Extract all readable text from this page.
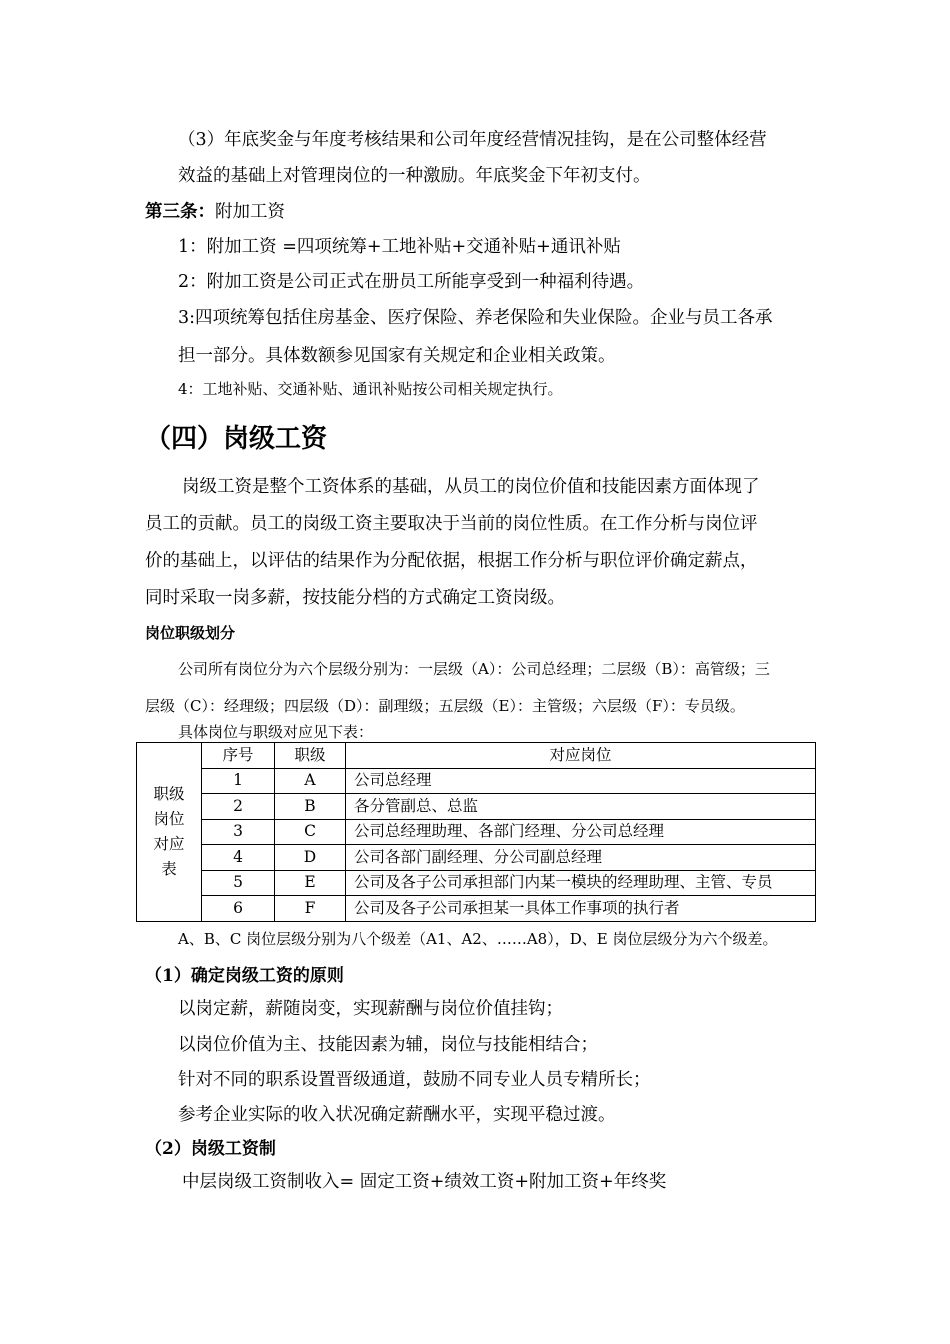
（3）年底奖金与年度考核结果和公司年度经营情况挂钩，是在公司整体经营
效益的基础上对管理岗位的一种激励。年底奖金下年初支付。
第三条：附加工资
1：附加工资 =四项统筹+工地补贴+交通补贴+通讯补贴
2：附加工资是公司正式在册员工所能享受到一种福利待遇。
3:四项统筹包括住房基金、医疗保险、养老保险和失业保险。企业与员工各承
担一部分。具体数额参见国家有关规定和企业相关政策。
4：工地补贴、交通补贴、通讯补贴按公司相关规定执行。
（四）岗级工资
岗级工资是整个工资体系的基础，从员工的岗位价值和技能因素方面体现了
员工的贡献。员工的岗级工资主要取决于当前的岗位性质。在工作分析与岗位评
价的基础上，以评估的结果作为分配依据，根据工作分析与职位评价确定薪点，
同时采取一岗多薪，按技能分档的方式确定工资岗级。
岗位职级划分
公司所有岗位分为六个层级分别为：一层级（A）：公司总经理；二层级（B）：高管级；三
层级（C）：经理级；四层级（D）：副理级；五层级（E）：主管级；六层级（F）：专员级。
具体岗位与职级对应见下表：
职级
岗位
对应
表	序号	职级	对应岗位
	1	A	公司总经理
	2	B	各分管副总、总监
	3	C	公司总经理助理、各部门经理、分公司总经理
	4	D	公司各部门副经理、分公司副总经理
	5	E	公司及各子公司承担部门内某一模块的经理助理、主管、专员
	6	F	公司及各子公司承担某一具体工作事项的执行者
A、B、C 岗位层级分别为八个级差（A1、A2、……A8），D、E 岗位层级分为六个级差。
（1）确定岗级工资的原则
以岗定薪，薪随岗变，实现薪酬与岗位价值挂钩；
以岗位价值为主、技能因素为辅，岗位与技能相结合；
针对不同的职系设置晋级通道，鼓励不同专业人员专精所长；
参考企业实际的收入状况确定薪酬水平，实现平稳过渡。
（2）岗级工资制
中层岗级工资制收入= 固定工资+绩效工资+附加工资+年终奖
